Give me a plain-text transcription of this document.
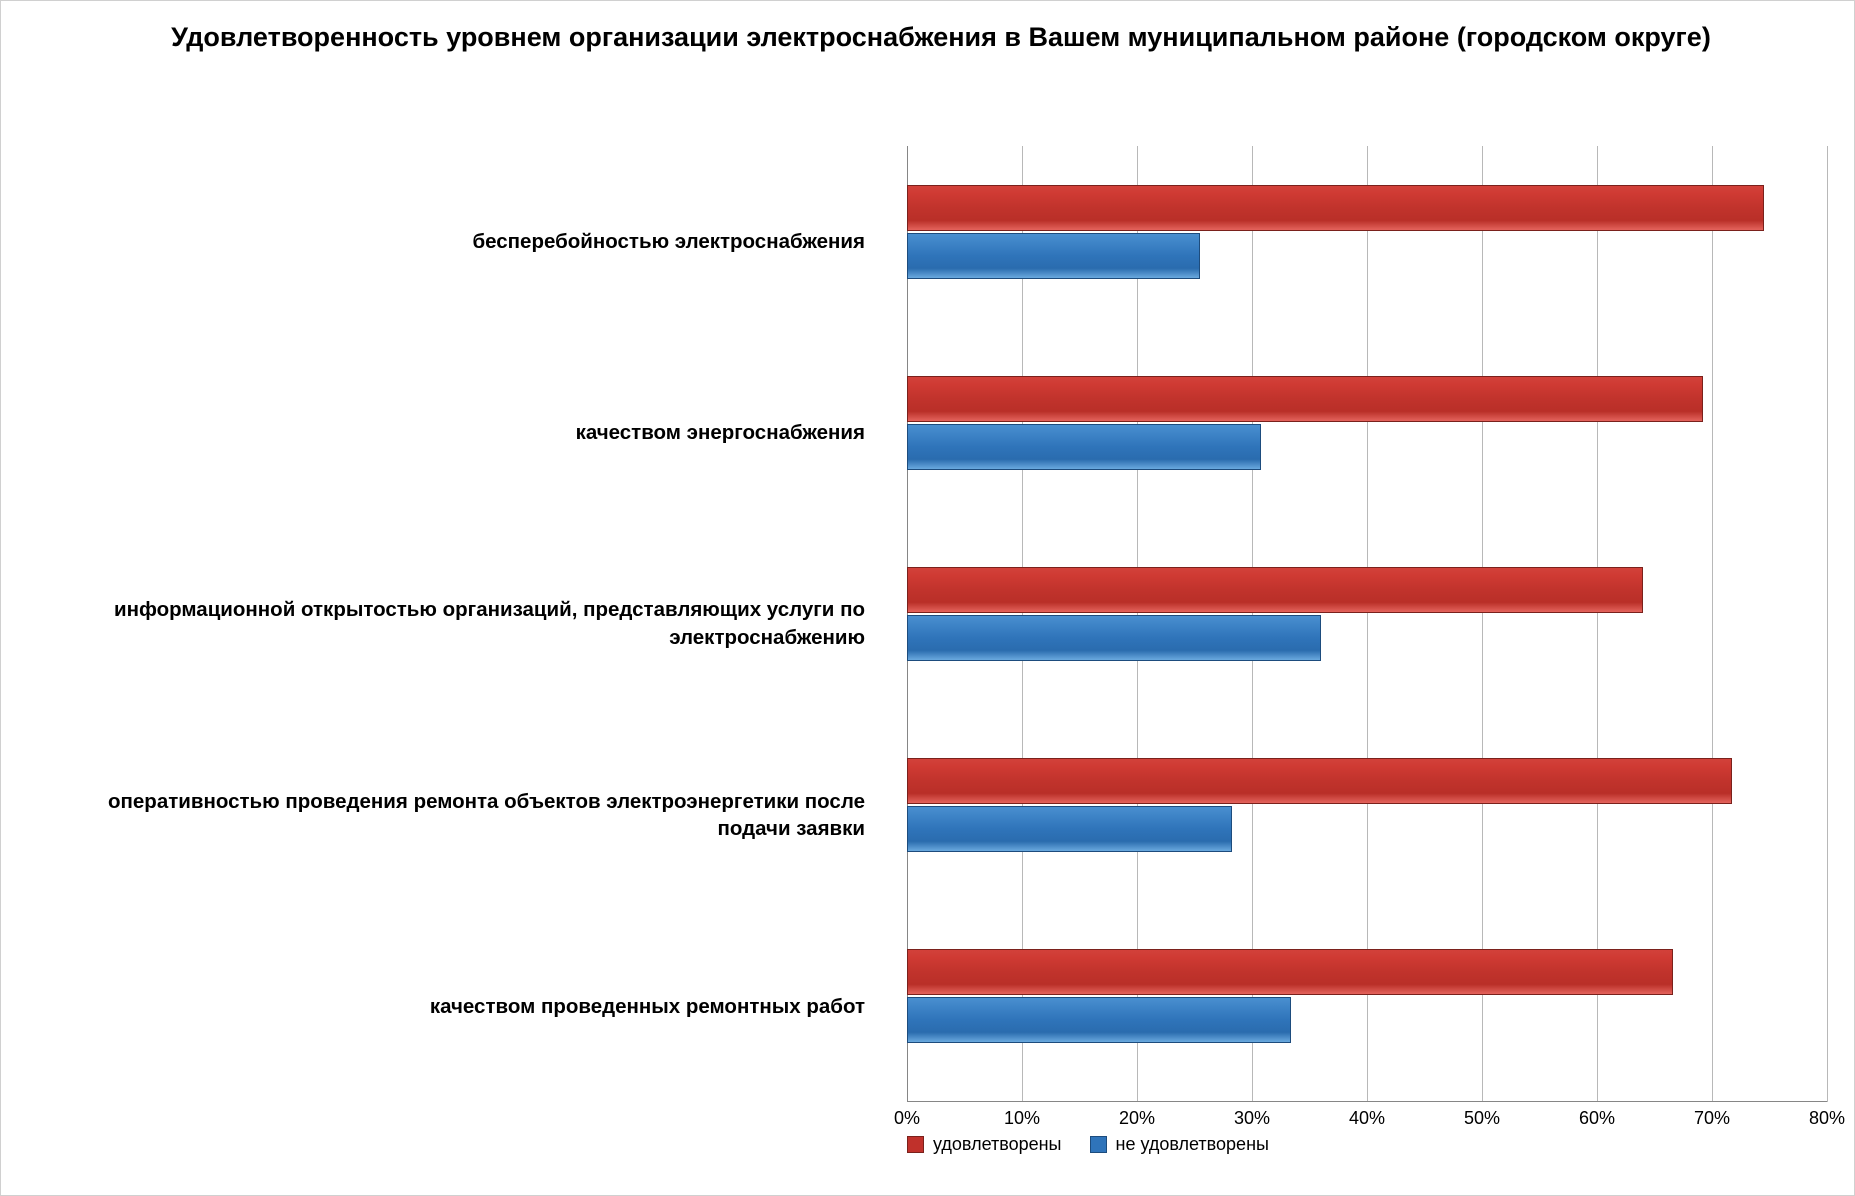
Удовлетворенность уровнем организации электроснабжения в Вашем муниципальном районе (городском округе)
0%	10%	20%	30%	40%	50%	60%	70%	80%
бесперебойностью электроснабжения
качеством энергоснабжения
информационной открытостью организаций, представляющих услуги по электроснабжению
оперативностью проведения ремонта объектов электроэнергетики после подачи заявки
качеством проведенных ремонтных работ
удовлетворены	не удовлетворены
